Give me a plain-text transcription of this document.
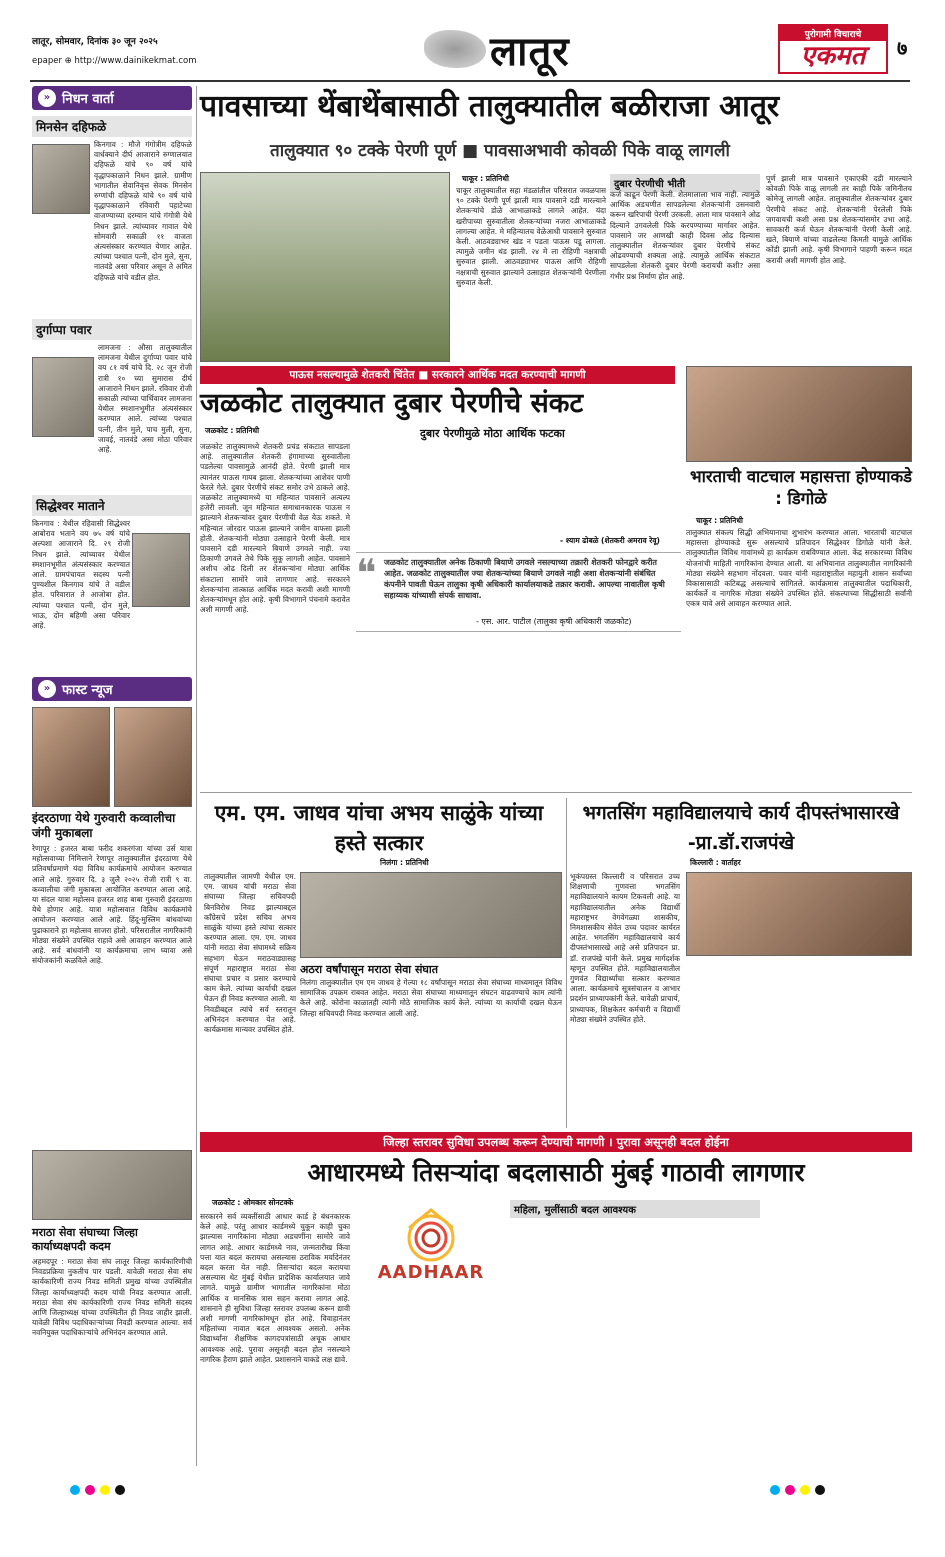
लातूर, सोमवार, दिनांक ३० जून २०२५
epaper ⊕ http://www.dainikekmat.com	लातूर	पुरोगामी विचाराचे
एकमत	७
» निधन वार्ता
मिनसेन दहिफळे
किनगाव : मौजे गंगोत्रीम दहिफळे वार्धक्याने दीर्घ आजाराने रुग्णालयात दहिफळे यांचे ९० वर्ष यांचे वृद्धापकाळाने निधन झाले. ग्रामीण भागातील सेवानिवृत्त सेवक मिनसेन रुग्णांची दहिफळे यांचे ९० वर्ष यांचे वृद्धापकाळाने रविवारी पहाटेच्या वाजण्याच्या दरम्यान यांचे गंगोत्री येथे निधन झाले. त्यांच्यावर गावात येथे सोमवारी सकाळी ११ वाजता अंत्यसंस्कार करण्यात येणार आहेत. त्यांच्या पश्चात पत्नी, दोन मुले, सुना, नातवंडे असा परिवार असून ते अमित दहिफळे यांचे वडील होत.
दुर्गाप्पा पवार
लामजना : औसा तालुक्यातील लामजना येथील दुर्गाप्पा पवार यांचे वय ८१ वर्ष यांचे दि. २८ जून रोजी रात्री १० च्या सुमारास दीर्घ आजाराने निधन झाले. रविवार रोजी सकाळी त्यांच्या पार्थिवावर लामजना येथील स्मशानभूमीत अंत्यसंस्कार करण्यात आले. त्यांच्या पश्चात पत्नी, तीन मुले, पाच मुली, सुना, जावई, नातवंडे असा मोठा परिवार आहे.
सिद्धेश्वर माताने
किनगाव : येथील रहिवासी सिद्धेश्वर आबोराव भताने वय ७५ वर्ष यांचे अल्पशा आजाराने दि. २९ रोजी निधन झाले. त्यांच्यावर येथील स्मशानभूमीत अंत्यसंस्कार करण्यात आले. ग्रामपंचायत सदस्य पत्नी पुण्यशील किनगाव यांचे ते वडील होत. परिवारात ते आजोबा होत. त्यांच्या पश्चात पत्नी, दोन मुले, भाऊ, दोन बहिणी असा परिवार आहे.
» फास्ट न्यूज
इंदरठाणा येथे गुरुवारी कव्वालीचा जंगी मुकाबला
रेणापूर : हजरत बाबा फरीद शकरगंजा यांच्या उर्स यात्रा महोत्सवाच्या निमित्ताने रेणापूर तालुक्यातील इंदरठाणा येथे प्रतिवर्षाप्रमाणे यंदा विविध कार्यक्रमांचे आयोजन करण्यात आले आहे. गुरुवार दि. ३ जुलै २०२५ रोजी रात्री ९ वा. कव्वालीचा जंगी मुकाबला आयोजित करण्यात आला आहे. या संदल यात्रा महोत्सव हजरत शाह बाबा गुरुवारी इंदरठाणा येथे होणार आहे. यात्रा महोत्सवात विविध कार्यक्रमांचे आयोजन करण्यात आले आहे. हिंदू-मुस्लिम बांधवांच्या पुढाकाराने हा महोत्सव साजरा होतो. परिसरातील नागरिकांनी मोठ्या संख्येने उपस्थित राहावे असे आवाहन करण्यात आले आहे. सर्व बांधवांनी या कार्यक्रमाचा लाभ घ्यावा असे संयोजकांनी कळविले आहे.
मराठा सेवा संघाच्या जिल्हा कार्याध्यक्षपदी कदम
अहमदपूर : मराठा सेवा संघ लातूर जिल्हा कार्यकारिणीची निवडप्रक्रिया नुकतीच पार पडली. यावेळी मराठा सेवा संघ कार्यकारिणी राज्य निवड समिती प्रमुख यांच्या उपस्थितीत जिल्हा कार्याध्यक्षपदी कदम यांची निवड करण्यात आली. मराठा सेवा संघ कार्यकारिणी राज्य निवड समिती सदस्य आणि जिल्हाध्यक्ष यांच्या उपस्थितीत ही निवड जाहीर झाली. यावेळी विविध पदाधिकाऱ्यांच्या निवडी करण्यात आल्या. सर्व नवनियुक्त पदाधिकाऱ्यांचे अभिनंदन करण्यात आले.
पावसाच्या थेंबाथेंबासाठी तालुक्यातील बळीराजा आतूर
तालुक्यात ९० टक्के पेरणी पूर्ण ■ पावसाअभावी कोवळी पिके वाळू लागली
चाकूर : प्रतिनिधी
चाकूर तालुक्यातील सहा मंडळांतील परिसरात जवळपास ९० टक्के पेरणी पूर्ण झाली मात्र पावसाने दडी मारल्याने शेतकऱ्यांचे डोळे आभाळाकडे लागले आहेत. यंदा खरीपाच्या सुरुवातीला शेतकऱ्यांच्या नजरा आभाळाकडे लागल्या आहेत. मे महिन्यातच वेळेआधी पावसाने सुरुवात केली. आठवड्याभर खंड न पडता पाऊस पडू लागला. त्यामुळे जमीन थंड झाली. २४ मे ला रोहिणी नक्षत्राची सुरुवात झाली. आठवड्याभर पाऊस आणि रोहिणी नक्षत्राची सुरुवात झाल्याने उत्साहात शेतकऱ्यांनी पेरणीला सुरुवात केली.
दुबार पेरणीची भीती
कर्ज काढून पेरणी केली. शेतमालाला भाव नाही. त्यामुळे आर्थिक अडचणीत सापडलेल्या शेतकऱ्यांनी उसनवारी करून खरिपाची पेरणी उरकली. आता मात्र पावसाने ओढ दिल्याने उगवलेली पिके करपण्याच्या मार्गावर आहेत. पावसाने जर आणखी काही दिवस ओढ दिल्यास तालुक्यातील शेतकऱ्यांवर दुबार पेरणीचे संकट ओढवण्याची शक्यता आहे. त्यामुळे आर्थिक संकटात सापडलेला शेतकरी दुबार पेरणी करायची कशी? असा गंभीर प्रश्न निर्माण होत आहे.
पूर्ण झाली मात्र पावसाने एकाएकी दडी मारल्याने कोवळी पिके वाळू लागली तर काही पिके जमिनीतच कोमेजू लागली आहेत. तालुक्यातील शेतकऱ्यांवर दुबार पेरणीचे संकट आहे. शेतकऱ्यांनी पेरलेली पिके जगवायची कशी असा प्रश्न शेतकऱ्यांसमोर उभा आहे. सावकारी कर्ज घेऊन शेतकऱ्यांनी पेरणी केली आहे. खते, बियाणे यांच्या वाढलेल्या किमती यामुळे आर्थिक कोंडी झाली आहे. कृषी विभागाने पाहणी करून मदत करावी अशी मागणी होत आहे.
पाऊस नसल्यामुळे शेतकरी चिंतेत ■ सरकारने आर्थिक मदत करण्याची मागणी
जळकोट तालुक्यात दुबार पेरणीचे संकट
जळकोट : प्रतिनिधी	दुबार पेरणीमुळे मोठा आर्थिक फटका
जळकोट तालुक्यामध्ये शेतकरी प्रचंड संकटात सापडला आहे. तालुक्यातील शेतकरी हंगामाच्या सुरुवातीला पडलेल्या पावसामुळे आनंदी होते. पेरणी झाली मात्र त्यानंतर पाऊस गायब झाला. शेतकऱ्यांच्या आशेवर पाणी फेरले गेले. दुबार पेरणीचे संकट समोर उभे ठाकले आहे. जळकोट तालुक्यामध्ये या महिन्यात पावसाने अत्यल्प हजेरी लावली. जून महिन्यात समाधानकारक पाऊस न झाल्याने शेतकऱ्यांवर दुबार पेरणीची वेळ येऊ शकते. मे महिन्यात जोरदार पाऊस झाल्याने जमीन वाफसा झाली होती. शेतकऱ्यांनी मोठ्या उत्साहाने पेरणी केली. मात्र पावसाने दडी मारल्याने बियाणे उगवले नाही. ज्या ठिकाणी उगवले तेथे पिके सुकू लागली आहेत. पावसाने अशीच ओढ दिली तर शेतकऱ्यांना मोठ्या आर्थिक संकटाला सामोरे जावे लागणार आहे. सरकारने शेतकऱ्यांना तात्काळ आर्थिक मदत करावी अशी मागणी शेतकऱ्यांमधून होत आहे. कृषी विभागाने पंचनामे करावेत अशी मागणी आहे.
- श्याम ढोबळे (शेतकरी अमराव रेवू)
❝ जळकोट तालुक्यातील अनेक ठिकाणी बियाणे उगवले नसल्याच्या तक्रारी शेतकरी फोनद्वारे करीत आहेत. जळकोट तालुक्यातील ज्या शेतकऱ्यांच्या बियाणे उगवले नाही अशा शेतकऱ्यांनी संबंधित कंपनीने पावती घेऊन तालुका कृषी अधिकारी कार्यालयाकडे तक्रार करावी. आपल्या नावातील कृषी सहाय्यक यांच्याशी संपर्क साधावा.
- एस. आर. पाटील (तालुका कृषी अधिकारी जळकोट)
भारताची वाटचाल महासत्ता होण्याकडे : डिगोळे
चाकूर : प्रतिनिधी
तालुक्यात संकल्प सिद्धी अभियानाचा शुभारंभ करण्यात आला. भारताची वाटचाल महासत्ता होण्याकडे सुरू असल्याचे प्रतिपादन सिद्धेश्वर डिगोळे यांनी केले. तालुक्यातील विविध गावांमध्ये हा कार्यक्रम राबविण्यात आला. केंद्र सरकारच्या विविध योजनांची माहिती नागरिकांना देण्यात आली. या अभियानात तालुक्यातील नागरिकांनी मोठ्या संख्येने सहभाग नोंदवला. पवार यांनी महाराष्ट्रातील महायुती शासन सर्वांच्या विकासासाठी कटिबद्ध असल्याचे सांगितले. कार्यक्रमास तालुक्यातील पदाधिकारी, कार्यकर्ते व नागरिक मोठ्या संख्येने उपस्थित होते. संकल्पाच्या सिद्धीसाठी सर्वांनी एकत्र यावे असे आवाहन करण्यात आले.
एम. एम. जाधव यांचा अभय साळुंके यांच्या हस्ते सत्कार
निलंगा : प्रतिनिधी
तालुक्यातील जामणी येथील एम. एम. जाधव यांची मराठा सेवा संघाच्या जिल्हा सचिवपदी बिनविरोध निवड झाल्याबद्दल काँग्रेसचे प्रदेश सचिव अभय साळुंके यांच्या हस्ते त्यांचा सत्कार करण्यात आला. एम. एम. जाधव यांनी मराठा सेवा संघामध्ये सक्रिय सहभाग घेऊन मराठवाड्यासह संपूर्ण महाराष्ट्रात मराठा सेवा संघाचा प्रचार व प्रसार करण्याचे काम केले. त्यांच्या कार्याची दखल घेऊन ही निवड करण्यात आली. या निवडीबद्दल त्यांचे सर्व स्तरातून अभिनंदन करण्यात येत आहे. कार्यक्रमास मान्यवर उपस्थित होते.
अठरा वर्षांपासून मराठा सेवा संघात
निलंगा तालुक्यातील एम एम जाधव हे गेल्या १८ वर्षांपासून मराठा सेवा संघाच्या माध्यमातून विविध सामाजिक उपक्रम राबवत आहेत. मराठा सेवा संघाच्या माध्यमातून संघटन वाढवण्याचे काम त्यांनी केले आहे. कोरोना काळातही त्यांनी मोठे सामाजिक कार्य केले. त्यांच्या या कार्याची दखल घेऊन जिल्हा सचिवपदी निवड करण्यात आली आहे.
भगतसिंग महाविद्यालयाचे कार्य दीपस्तंभासारखे -प्रा.डॉ.राजपंखे
किल्लारी : वार्ताहर
भूकंपग्रस्त किल्लारी व परिसरात उच्च शिक्षणाची गुणवत्ता भगतसिंग महाविद्यालयाने कायम टिकवली आहे. या महाविद्यालयातील अनेक विद्यार्थी महाराष्ट्रभर वेगवेगळ्या शासकीय, निमशासकीय सेवेत उच्च पदावर कार्यरत आहेत. भगतसिंग महाविद्यालयाचे कार्य दीपस्तंभासारखे आहे असे प्रतिपादन प्रा. डॉ. राजपंखे यांनी केले. प्रमुख मार्गदर्शक म्हणून उपस्थित होते. महाविद्यालयातील गुणवंत विद्यार्थ्यांचा सत्कार करण्यात आला. कार्यक्रमाचे सूत्रसंचालन व आभार प्रदर्शन प्राध्यापकांनी केले. यावेळी प्राचार्य, प्राध्यापक, शिक्षकेतर कर्मचारी व विद्यार्थी मोठ्या संख्येने उपस्थित होते.
जिल्हा स्तरावर सुविधा उपलब्ध करून देण्याची मागणी । पुरावा असूनही बदल होईना
आधारमध्ये तिसऱ्यांदा बदलासाठी मुंबई गाठावी लागणार
जळकोट : ओमकार सोनटक्के
सरकारने सर्व व्यक्तींसाठी आधार कार्ड हे बंधनकारक केले आहे. परंतु आधार कार्डमध्ये चुकून काही चुका झाल्यास नागरिकांना मोठ्या अडचणींना सामोरे जावे लागत आहे. आधार कार्डमध्ये नाव, जन्मतारीख किंवा पत्ता यात बदल करायचा असल्यास ठराविक मर्यादेनंतर बदल करता येत नाही. तिसऱ्यांदा बदल करायचा असल्यास थेट मुंबई येथील प्रादेशिक कार्यालयात जावे लागते. यामुळे ग्रामीण भागातील नागरिकांना मोठा आर्थिक व मानसिक त्रास सहन करावा लागत आहे. शासनाने ही सुविधा जिल्हा स्तरावर उपलब्ध करून द्यावी अशी मागणी नागरिकांमधून होत आहे. विवाहानंतर महिलांच्या नावात बदल आवश्यक असतो. अनेक विद्यार्थ्यांना शैक्षणिक कागदपत्रांसाठी अचूक आधार आवश्यक आहे. पुरावा असूनही बदल होत नसल्याने नागरिक हैराण झाले आहेत. प्रशासनाने याकडे लक्ष द्यावे.
AADHAAR
महिला, मुलींसाठी बदल आवश्यक
